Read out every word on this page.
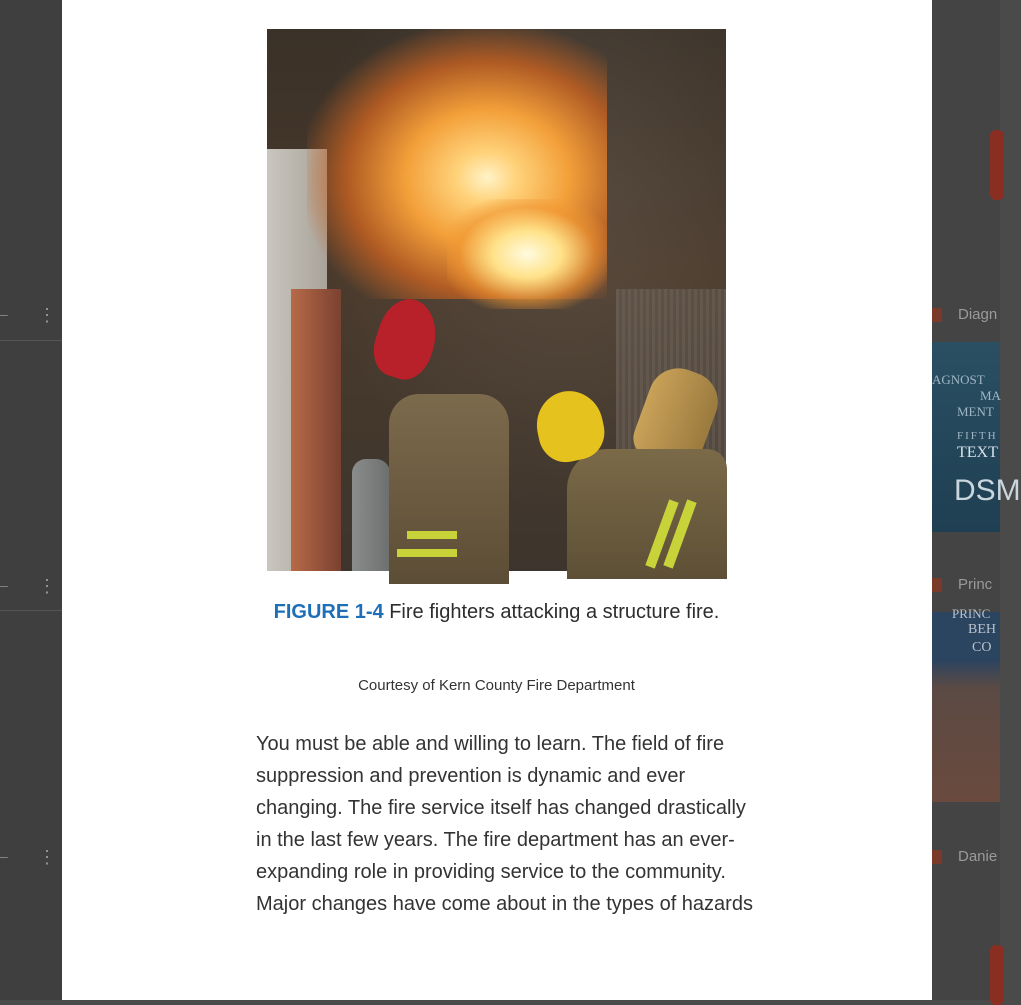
– ⋮
– ⋮
– ⋮
Diagn
AGNOST
MA
MENT
FIFTH
TEXT
DSM
Princ
PRINC
BEH
CO
Danie
FIGURE 1-4 Fire fighters attacking a structure fire.
Courtesy of Kern County Fire Department
You must be able and willing to learn. The field of fire suppression and prevention is dynamic and ever changing. The fire service itself has changed drastically in the last few years. The fire department has an ever-expanding role in providing service to the community. Major changes have come about in the types of hazards
